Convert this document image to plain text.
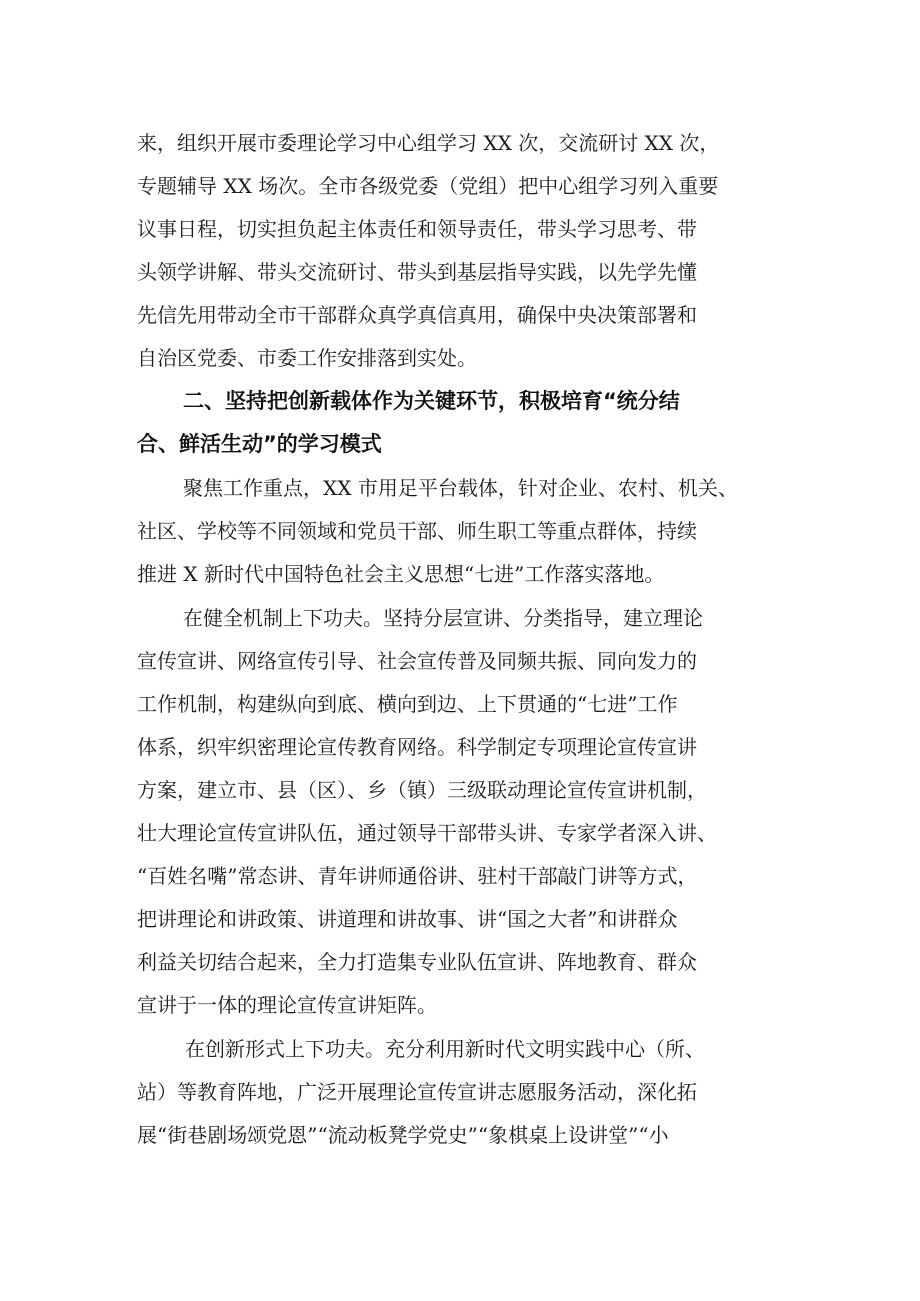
来，组织开展市委理论学习中心组学习 XX 次，交流研讨 XX 次，
专题辅导 XX 场次。全市各级党委（党组）把中心组学习列入重要
议事日程，切实担负起主体责任和领导责任，带头学习思考、带
头领学讲解、带头交流研讨、带头到基层指导实践，以先学先懂
先信先用带动全市干部群众真学真信真用，确保中央决策部署和
自治区党委、市委工作安排落到实处。
二、坚持把创新载体作为关键环节，积极培育“统分结
合、鲜活生动”的学习模式
聚焦工作重点，XX 市用足平台载体，针对企业、农村、机关、
社区、学校等不同领域和党员干部、师生职工等重点群体，持续
推进 X 新时代中国特色社会主义思想“七进”工作落实落地。
在健全机制上下功夫。坚持分层宣讲、分类指导，建立理论
宣传宣讲、网络宣传引导、社会宣传普及同频共振、同向发力的
工作机制，构建纵向到底、横向到边、上下贯通的“七进”工作
体系，织牢织密理论宣传教育网络。科学制定专项理论宣传宣讲
方案，建立市、县（区）、乡（镇）三级联动理论宣传宣讲机制，
壮大理论宣传宣讲队伍，通过领导干部带头讲、专家学者深入讲、
“百姓名嘴”常态讲、青年讲师通俗讲、驻村干部敲门讲等方式，
把讲理论和讲政策、讲道理和讲故事、讲“国之大者”和讲群众
利益关切结合起来，全力打造集专业队伍宣讲、阵地教育、群众
宣讲于一体的理论宣传宣讲矩阵。
在创新形式上下功夫。充分利用新时代文明实践中心（所、
站）等教育阵地，广泛开展理论宣传宣讲志愿服务活动，深化拓
展“街巷剧场颂党恩”“流动板凳学党史”“象棋桌上设讲堂”“小
